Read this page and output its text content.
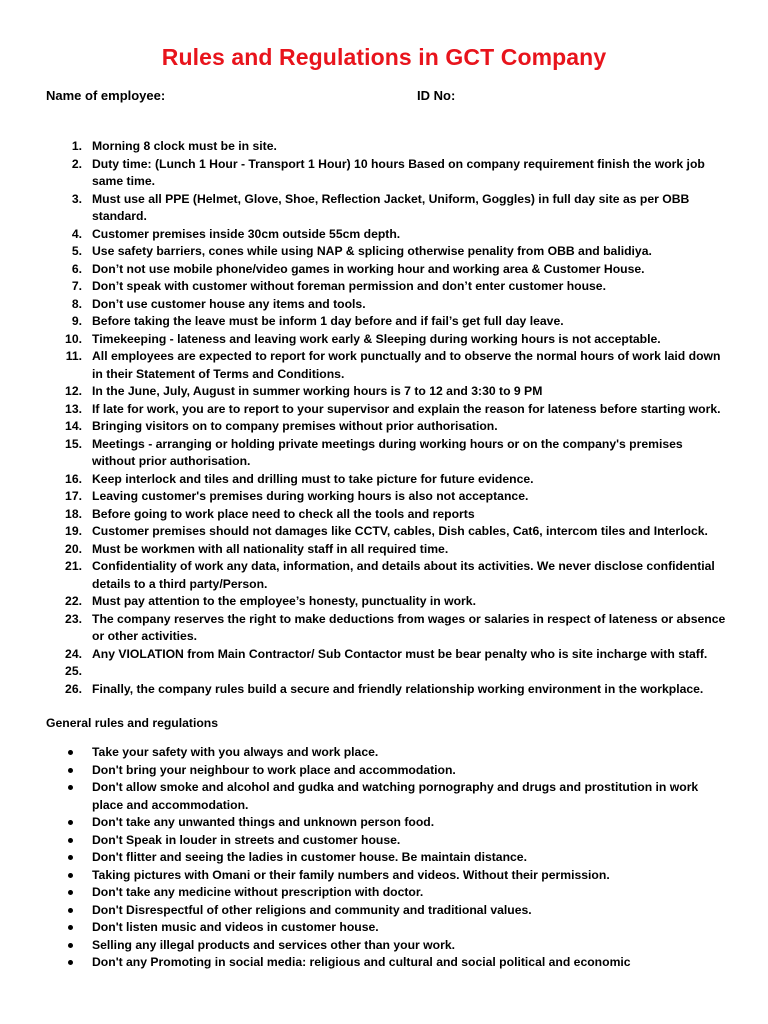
Rules and Regulations in GCT Company
Name of employee:	ID No:
1. Morning 8 clock must be in site.
2. Duty time: (Lunch 1 Hour - Transport 1 Hour) 10 hours Based on company requirement finish the work job same time.
3. Must use all PPE (Helmet, Glove, Shoe, Reflection Jacket, Uniform, Goggles) in full day site as per OBB standard.
4. Customer premises inside 30cm outside 55cm depth.
5. Use safety barriers, cones while using NAP & splicing otherwise penality from OBB and balidiya.
6. Don’t not use mobile phone/video games in working hour and working area & Customer House.
7. Don’t speak with customer without foreman permission and don’t enter customer house.
8. Don’t use customer house any items and tools.
9. Before taking the leave must be inform 1 day before and if fail’s get full day leave.
10. Timekeeping - lateness and leaving work early & Sleeping during working hours is not acceptable.
11. All employees are expected to report for work punctually and to observe the normal hours of work laid down in their Statement of Terms and Conditions.
12. In the June, July, August in summer working hours is 7 to 12 and 3:30 to 9 PM
13. If late for work, you are to report to your supervisor and explain the reason for lateness before starting work.
14. Bringing visitors on to company premises without prior authorisation.
15. Meetings - arranging or holding private meetings during working hours or on the company's premises without prior authorisation.
16. Keep interlock and tiles and drilling must to take picture for future evidence.
17. Leaving customer's premises during working hours is also not acceptance.
18. Before going to work place need to check all the tools and reports
19. Customer premises should not damages like CCTV, cables, Dish cables, Cat6, intercom tiles and Interlock.
20. Must be workmen with all nationality staff in all required time.
21. Confidentiality of work any data, information, and details about its activities. We never disclose confidential details to a third party/Person.
22. Must pay attention to the employee’s honesty, punctuality in work.
23. The company reserves the right to make deductions from wages or salaries in respect of lateness or absence or other activities.
24. Any VIOLATION from Main Contractor/ Sub Contactor must be bear penalty who is site incharge with staff.
25.
26. Finally, the company rules build a secure and friendly relationship working environment in the workplace.
General rules and regulations
Take your safety with you always and work place.
Don't bring your neighbour to work place and accommodation.
Don't allow smoke and alcohol and gudka and watching pornography and drugs and prostitution in work place and accommodation.
Don't take any unwanted things and unknown person food.
Don't Speak in louder in streets and customer house.
Don't flitter and seeing the ladies in customer house. Be maintain distance.
Taking pictures with Omani or their family numbers and videos. Without their permission.
Don't take any medicine without prescription with doctor.
Don't Disrespectful of other religions and community and traditional values.
Don't listen music and videos in customer house.
Selling any illegal products and services other than your work.
Don't any Promoting in social media: religious and cultural and social political and economic
